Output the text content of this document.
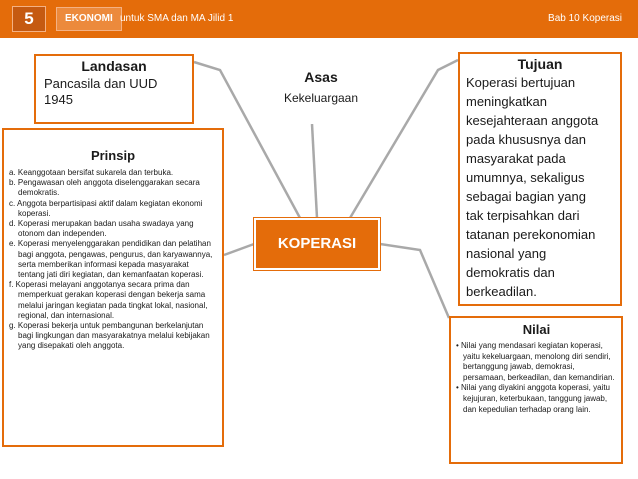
5	EKONOMI untuk SMA dan MA Jilid 1	Bab 10 Koperasi
Landasan
Pancasila dan UUD
1945
Asas
Kekeluargaan
Tujuan
Koperasi bertujuan
meningkatkan
kesejahteraan anggota
pada khususnya dan
masyarakat pada
umumnya, sekaligus
sebagai bagian yang
tak terpisahkan dari
tatanan perekonomian
nasional yang
demokratis dan
berkeadilan.
Prinsip
a. Keanggotaan bersifat sukarela dan terbuka.
b. Pengawasan oleh anggota diselenggarakan secara demokratis.
c. Anggota berpartisipasi aktif dalam kegiatan ekonomi koperasi.
d. Koperasi merupakan badan usaha swadaya yang otonom dan independen.
e. Koperasi menyelenggarakan pendidikan dan pelatihan bagi anggota, pengawas, pengurus, dan karyawannya, serta memberikan informasi kepada masyarakat tentang jati diri kegiatan, dan kemanfaatan koperasi.
f. Koperasi melayani anggotanya secara prima dan memperkuat gerakan koperasi dengan bekerja sama melalui jaringan kegiatan pada tingkat lokal, nasional, regional, dan internasional.
g. Koperasi bekerja untuk pembangunan berkelanjutan bagi lingkungan dan masyarakatnya melalui kebijakan yang disepakati oleh anggota.
KOPERASI
Nilai
• Nilai yang mendasari kegiatan koperasi, yaitu kekeluargaan, menolong diri sendiri, bertanggung jawab, demokrasi, persamaan, berkeadilan, dan kemandirian.
• Nilai yang diyakini anggota koperasi, yaitu kejujuran, keterbukaan, tanggung jawab, dan kepedulian terhadap orang lain.
